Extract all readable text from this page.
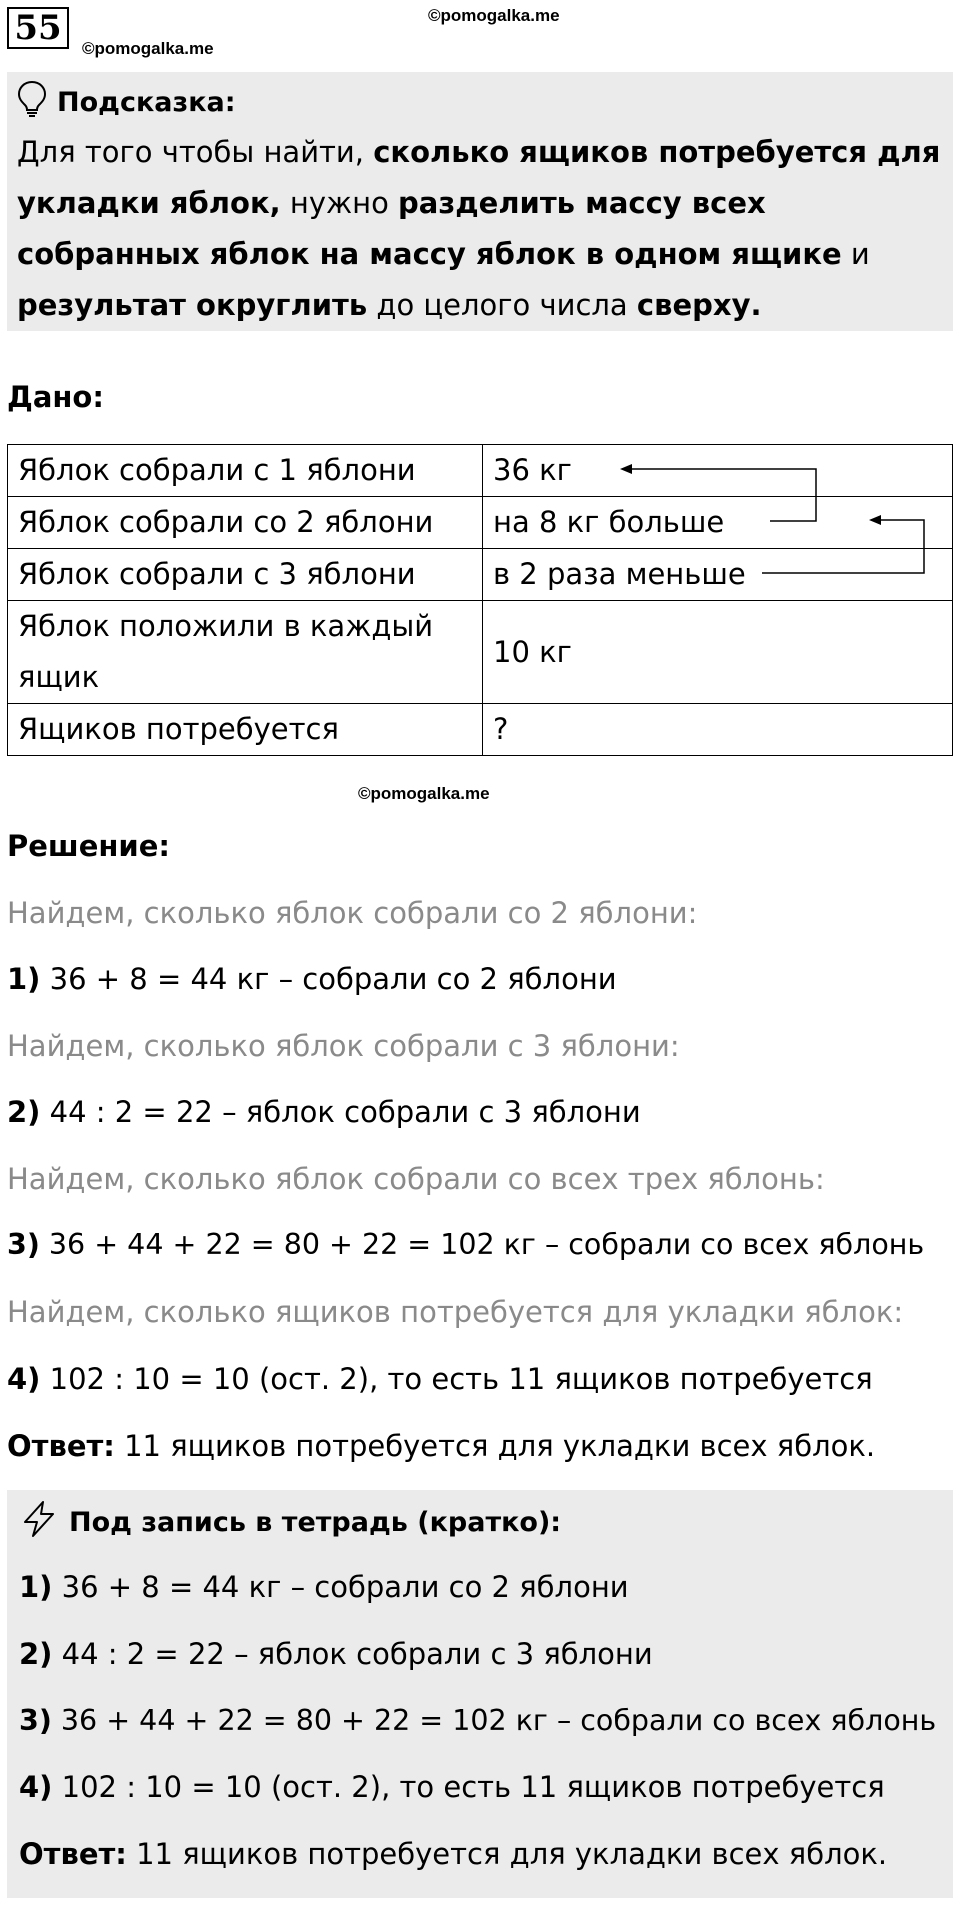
55	©pomogalka.me
©pomogalka.me
Подсказка:
Для того чтобы найти, сколько ящиков потребуется для укладки яблок, нужно разделить массу всех собранных яблок на массу яблок в одном ящике и результат округлить до целого числа сверху.
Дано:
Яблок собрали с 1 яблони	36 кг
Яблок собрали со 2 яблони	на 8 кг больше
Яблок собрали с 3 яблони	в 2 раза меньше
Яблок положили в каждый ящик	10 кг
Ящиков потребуется	?
©pomogalka.me
Решение:
Найдем, сколько яблок собрали со 2 яблони:
1) 36 + 8 = 44 кг – собрали со 2 яблони
Найдем, сколько яблок собрали с 3 яблони:
2) 44 : 2 = 22 – яблок собрали с 3 яблони
Найдем, сколько яблок собрали со всех трех яблонь:
3) 36 + 44 + 22 = 80 + 22 = 102 кг – собрали со всех яблонь
Найдем, сколько ящиков потребуется для укладки яблок:
4) 102 : 10 = 10 (ост. 2), то есть 11 ящиков потребуется
Ответ: 11 ящиков потребуется для укладки всех яблок.
Под запись в тетрадь (кратко):
1) 36 + 8 = 44 кг – собрали со 2 яблони
2) 44 : 2 = 22 – яблок собрали с 3 яблони
3) 36 + 44 + 22 = 80 + 22 = 102 кг – собрали со всех яблонь
4) 102 : 10 = 10 (ост. 2), то есть 11 ящиков потребуется
Ответ: 11 ящиков потребуется для укладки всех яблок.
